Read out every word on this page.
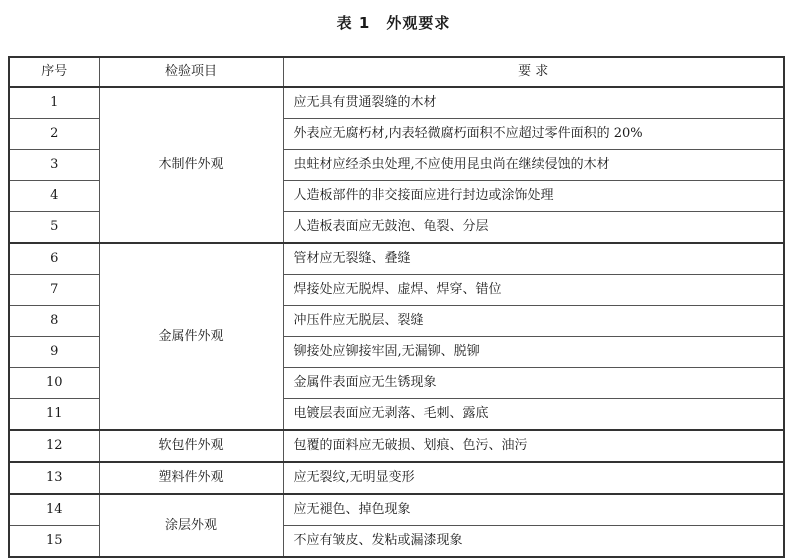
表 1 外观要求
序号	检验项目	要 求
1	木制件外观	应无具有贯通裂缝的木材
2		外表应无腐朽材,内表轻微腐朽面积不应超过零件面积的 20%
3		虫蛀材应经杀虫处理,不应使用昆虫尚在继续侵蚀的木材
4		人造板部件的非交接面应进行封边或涂饰处理
5		人造板表面应无鼓泡、龟裂、分层
6	金属件外观	管材应无裂缝、叠缝
7		焊接处应无脱焊、虚焊、焊穿、错位
8		冲压件应无脱层、裂缝
9		铆接处应铆接牢固,无漏铆、脱铆
10		金属件表面应无生锈现象
11		电镀层表面应无剥落、毛刺、露底
12	软包件外观	包覆的面料应无破损、划痕、色污、油污
13	塑料件外观	应无裂纹,无明显变形
14	涂层外观	应无褪色、掉色现象
15		不应有皱皮、发粘或漏漆现象
